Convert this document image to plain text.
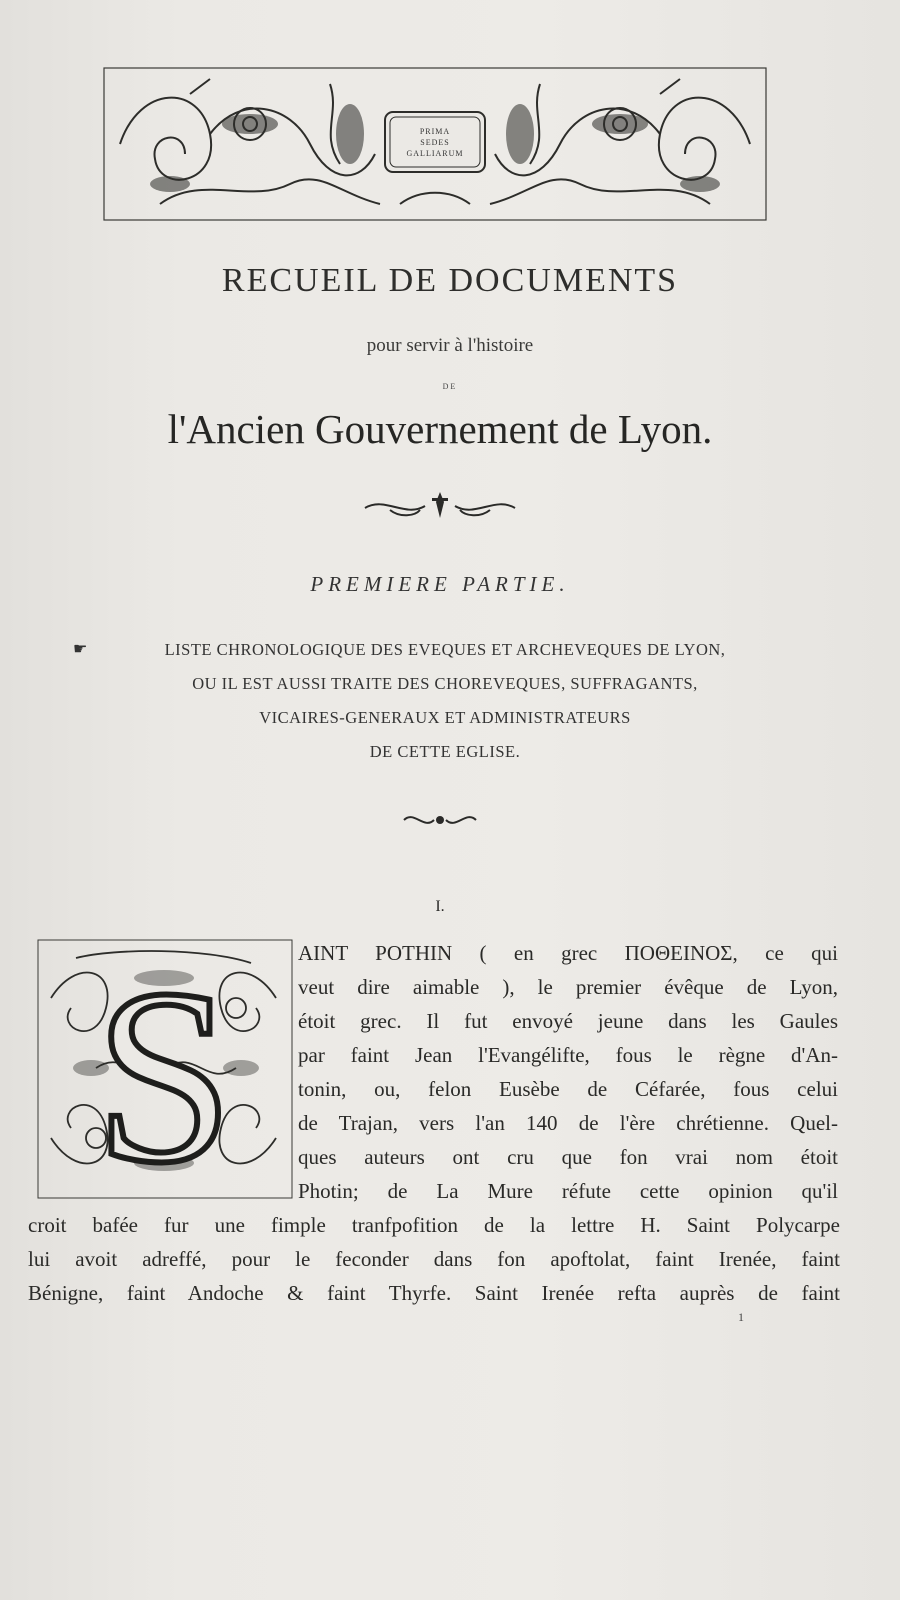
PRIMA
SEDES
GALLIARUM
RECUEIL DE DOCUMENTS
pour servir à l'histoire
DE
l'Ancien Gouvernement de Lyon.
PREMIERE PARTIE.
☛	LISTE CHRONOLOGIQUE DES EVEQUES ET ARCHEVEQUES DE LYON,
OU IL EST AUSSI TRAITE DES CHOREVEQUES, SUFFRAGANTS,
VICAIRES-GENERAUX ET ADMINISTRATEURS
DE CETTE EGLISE.
I.
S	AINT POTHIN ( en grec ΠΟΘΕΙΝΟΣ, ce qui
veut dire aimable ), le premier évêque de Lyon,
étoit grec. Il fut envoyé jeune dans les Gaules
par faint Jean l'Evangélifte, fous le règne d'An-
tonin, ou, felon Eusèbe de Céfarée, fous celui
de Trajan, vers l'an 140 de l'ère chrétienne. Quel-
ques auteurs ont cru que fon vrai nom étoit
Photin; de La Mure réfute cette opinion qu'il
croit bafée fur une fimple tranfpofition de la lettre H. Saint Polycarpe
lui avoit adreffé, pour le feconder dans fon apoftolat, faint Irenée, faint
Bénigne, faint Andoche & faint Thyrfe. Saint Irenée refta auprès de faint
1
